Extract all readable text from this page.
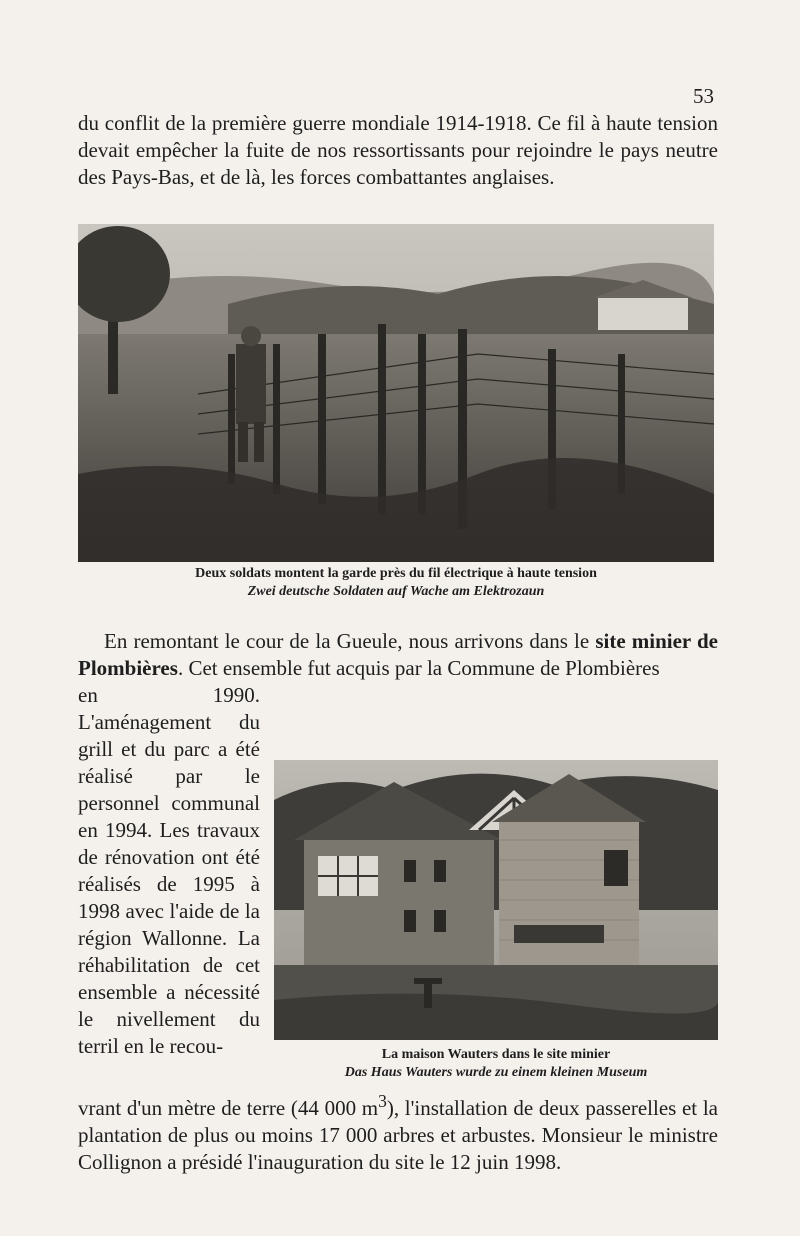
53

du conflit de la première guerre mondiale 1914-1918. Ce fil à haute tension devait empêcher la fuite de nos ressortissants pour rejoindre le pays neutre des Pays-Bas, et de là, les forces combattantes anglaises.

Deux soldats montent la garde près du fil électrique à haute tension
Zwei deutsche Soldaten auf Wache am Elektrozaun

En remontant le cour de la Gueule, nous arrivons dans le site minier de Plombières. Cet ensemble fut acquis par la Commune de Plombières

en 1990. L'aménagement du grill et du parc a été réalisé par le personnel communal en 1994. Les travaux de rénovation ont été réalisés de 1995 à 1998 avec l'aide de la région Wallonne. La réhabilitation de cet ensemble a nécessité le nivellement du terril en le recou-	La maison Wauters dans le site minier
Das Haus Wauters wurde zu einem kleinen Museum

vrant d'un mètre de terre (44 000 $m^3$), l'installation de deux passerelles et la plantation de plus ou moins 17 000 arbres et arbustes. Monsieur le ministre Collignon a présidé l'inauguration du site le 12 juin 1998.
